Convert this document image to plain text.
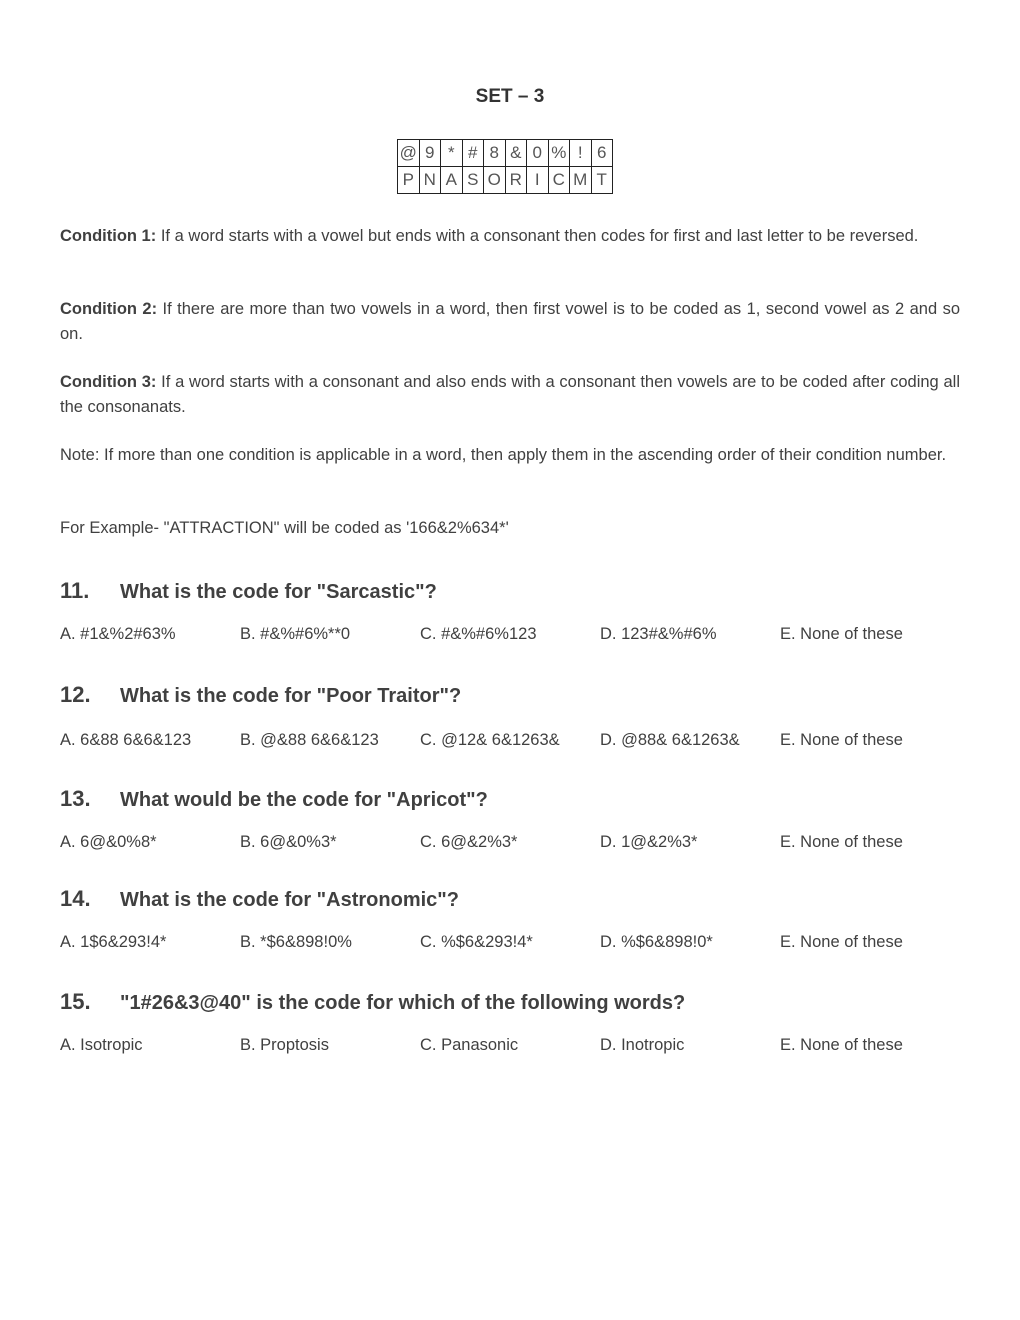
SET – 3
@	9	*	#	8	&	0	%	!	6
P	N	A	S	O	R	I	C	M	T
Condition 1: If a word starts with a vowel but ends with a consonant then codes for first and last letter to be reversed.
Condition 2: If there are more than two vowels in a word, then first vowel is to be coded as 1, second vowel as 2 and so on.
Condition 3: If a word starts with a consonant and also ends with a consonant then vowels are to be coded after coding all the consonanats.
Note: If more than one condition is applicable in a word, then apply them in the ascending order of their condition number.
For Example- "ATTRACTION" will be coded as '166&2%634*'
11. What is the code for "Sarcastic"?
A. #1&%2#63%	B. #&%#6%**0	C. #&%#6%123	D. 123#&%#6%	E. None of these
12. What is the code for "Poor Traitor"?
A. 6&88 6&6&123	B. @&88 6&6&123	C. @12& 6&1263&	D. @88& 6&1263&	E. None of these
13. What would be the code for "Apricot"?
A. 6@&0%8*	B. 6@&0%3*	C. 6@&2%3*	D. 1@&2%3*	E. None of these
14. What is the code for "Astronomic"?
A. 1$6&293!4*	B. *$6&898!0%	C. %$6&293!4*	D. %$6&898!0*	E. None of these
15. "1#26&3@40" is the code for which of the following words?
A. Isotropic	B. Proptosis	C. Panasonic	D. Inotropic	E. None of these
